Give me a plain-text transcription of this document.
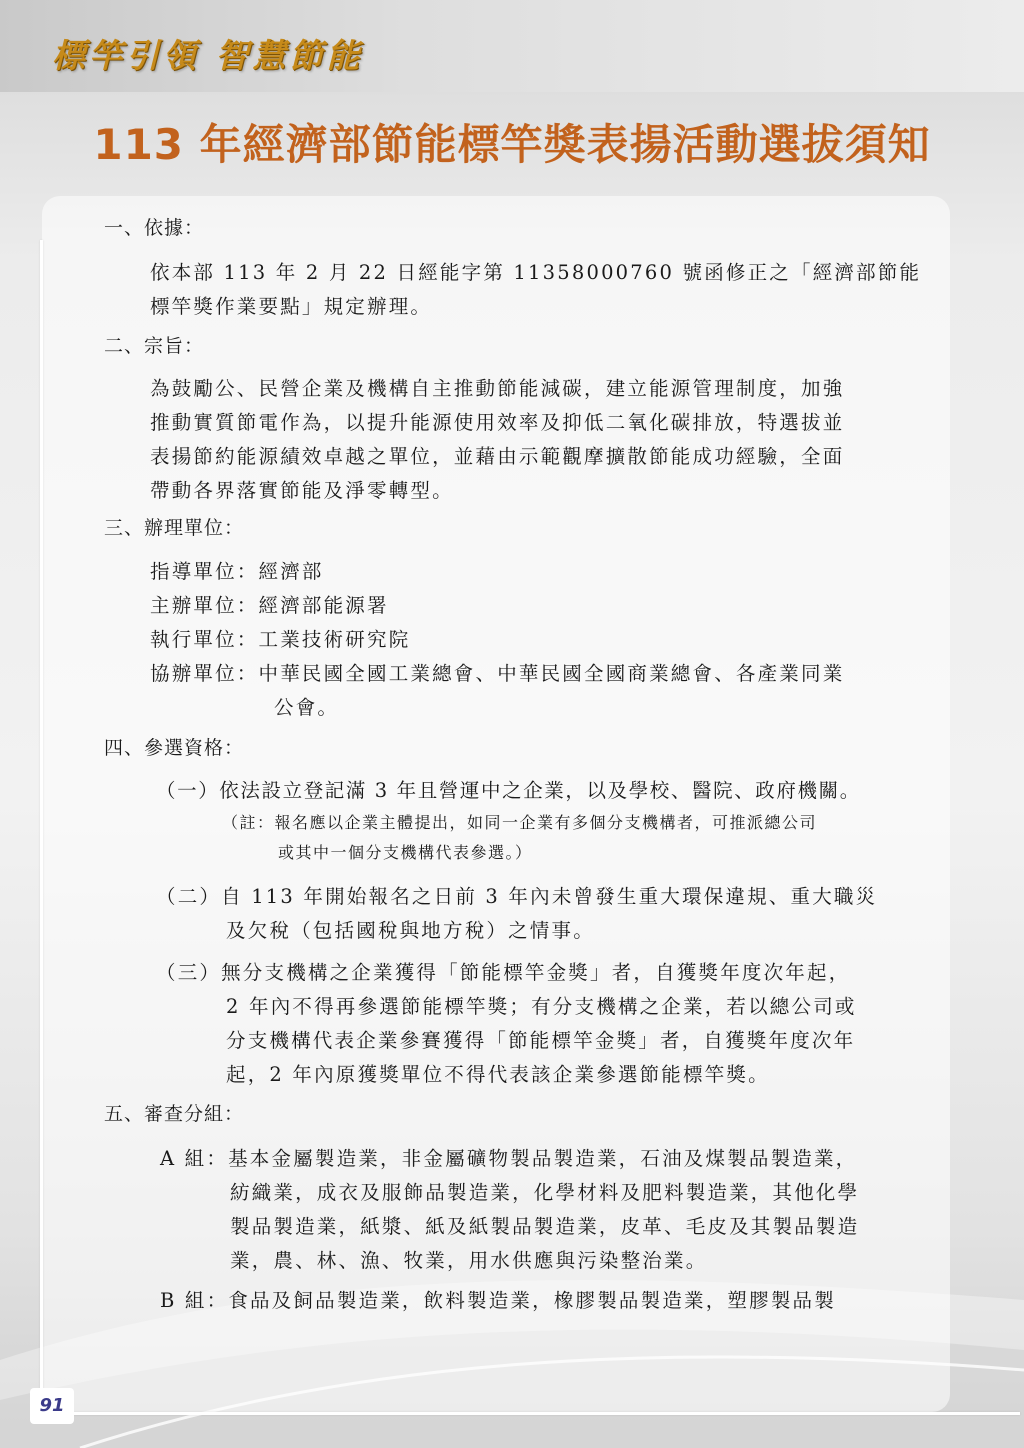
標竿引領 智慧節能
113 年經濟部節能標竿獎表揚活動選拔須知
91
一、依據：
依本部 113 年 2 月 22 日經能字第 11358000760 號函修正之「經濟部節能
標竿獎作業要點」規定辦理。
二、宗旨：
為鼓勵公、民營企業及機構自主推動節能減碳，建立能源管理制度，加強
推動實質節電作為，以提升能源使用效率及抑低二氧化碳排放，特選拔並
表揚節約能源績效卓越之單位，並藉由示範觀摩擴散節能成功經驗，全面
帶動各界落實節能及淨零轉型。
三、辦理單位：
指導單位：經濟部
主辦單位：經濟部能源署
執行單位：工業技術研究院
協辦單位：中華民國全國工業總會、中華民國全國商業總會、各產業同業
公會。
四、參選資格：
（一）依法設立登記滿 3 年且營運中之企業，以及學校、醫院、政府機關。
（註：報名應以企業主體提出，如同一企業有多個分支機構者，可推派總公司
或其中一個分支機構代表參選。）
（二）自 113 年開始報名之日前 3 年內未曾發生重大環保違規、重大職災
及欠稅（包括國稅與地方稅）之情事。
（三）無分支機構之企業獲得「節能標竿金獎」者，自獲獎年度次年起，
2 年內不得再參選節能標竿獎；有分支機構之企業，若以總公司或
分支機構代表企業參賽獲得「節能標竿金獎」者，自獲獎年度次年
起，2 年內原獲獎單位不得代表該企業參選節能標竿獎。
五、審查分組：
A 組：基本金屬製造業，非金屬礦物製品製造業，石油及煤製品製造業，
紡織業，成衣及服飾品製造業，化學材料及肥料製造業，其他化學
製品製造業，紙漿、紙及紙製品製造業，皮革、毛皮及其製品製造
業，農、林、漁、牧業，用水供應與污染整治業。
B 組：食品及飼品製造業，飲料製造業，橡膠製品製造業，塑膠製品製
